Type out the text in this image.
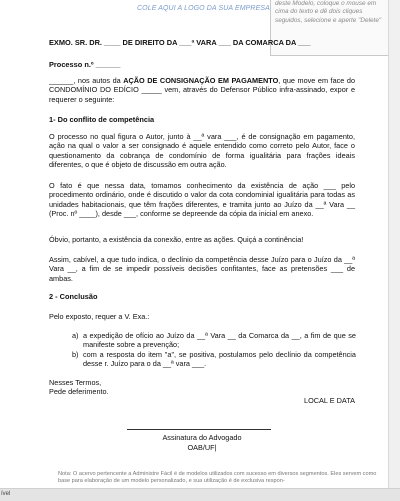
COLE AQUI A LOGO DA SUA EMPRESA
deste Modelo, coloque o mouse em cima do texto e dê dois cliques seguidos, selecione e aperte "Delete"
EXMO. SR. DR. ____ DE DIREITO DA ___ª VARA ___ DA COMARCA DA ___
Processo n.º ______
______, nos autos da AÇÃO DE CONSIGNAÇÃO EM PAGAMENTO, que move em face do CONDOMÍNIO DO EDÍCIO _____ vem, através do Defensor Público infra-assinado, expor e requerer o seguinte:
1- Do conflito de competência
O processo no qual figura o Autor, junto à __ª vara ___, é de consignação em pagamento, ação na qual o valor a ser consignado é aquele entendido como correto pelo Autor, face o questionamento da cobrança de condomínio de forma igualitária para frações ideais diferentes, o que é objeto de discussão em outra ação.
O fato é que nessa data, tomamos conhecimento da existência de ação ___ pelo procedimento ordinário, onde é discutido o valor da cota condominial igualitária para todas as unidades habitacionais, que têm frações diferentes, e tramita junto ao Juízo da __ª Vara __ (Proc. nº ____), desde ___, conforme se depreende da cópia da inicial em anexo.
Óbvio, portanto, a existência da conexão, entre as ações. Quiçá a continência!
Assim, cabível, a que tudo indica, o declínio da competência desse Juízo para o Juízo da __ª Vara __, a fim de se impedir possíveis decisões confitantes, face as pretensões ___ de ambas.
2 - Conclusão
Pelo exposto, requer a V. Exa.:
a) a expedição de ofício ao Juízo da __ª Vara __ da Comarca da __, a fim de que se manifeste sobre a prevenção;
b) com a resposta do item "a", se positiva, postulamos pelo declínio da competência desse r. Juízo para o da __ª vara ___.
Nesses Termos,
Pede deferimento.
LOCAL E DATA
Assinatura do Advogado
OAB/UF|
Nota: O acervo pertencente a Administre Fácil é de modelos utilizados com sucesso em diversos segmentos. Eles servem como base para elaboração de um modelo personalizado, e sua utilização é de exclusiva respon-
ível
